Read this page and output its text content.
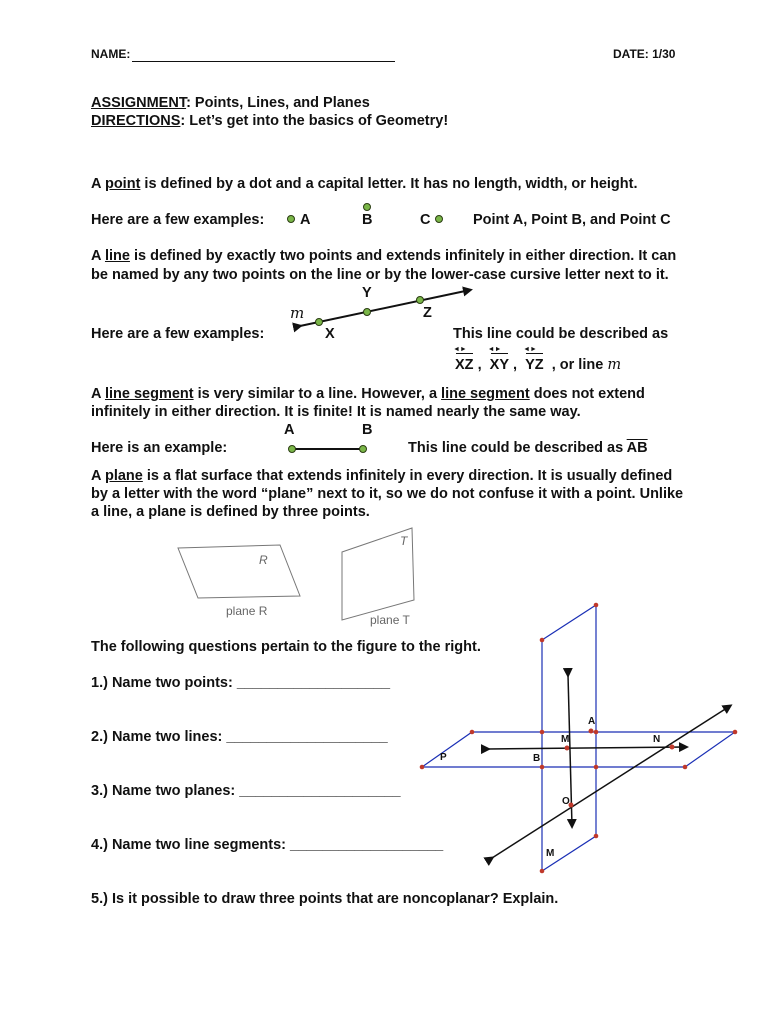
NAME:	DATE: 1/30
ASSIGNMENT: Points, Lines, and Planes
DIRECTIONS: Let’s get into the basics of Geometry!
A point is defined by a dot and a capital letter. It has no length, width, or height.
Here are a few examples: A	B	C	Point A, Point B, and Point C
A line is defined by exactly two points and extends infinitely in either direction. It can be named by any two points on the line or by the lower-case cursive letter next to it.
Y
Z
m
Here are a few examples:	X	This line could be described as
XZ ◄► , XY ◄► , YZ ◄► , or line m
A line segment is very similar to a line. However, a line segment does not extend infinitely in either direction. It is finite! It is named nearly the same way.
A	B
Here is an example:	This line could be described as $\overline{AB}$
A plane is a flat surface that extends infinitely in every direction. It is usually defined by a letter with the word “plane” next to it, so we do not confuse it with a point. Unlike a line, a plane is defined by three points.
R
plane R
T
plane T
The following questions pertain to the figure to the right.
1.) Name two points: ___________________
2.) Name two lines: ____________________
3.) Name two planes: ____________________
4.) Name two line segments: ___________________
5.) Is it possible to draw three points that are noncoplanar? Explain.
A
M	N
P	B
O
M
